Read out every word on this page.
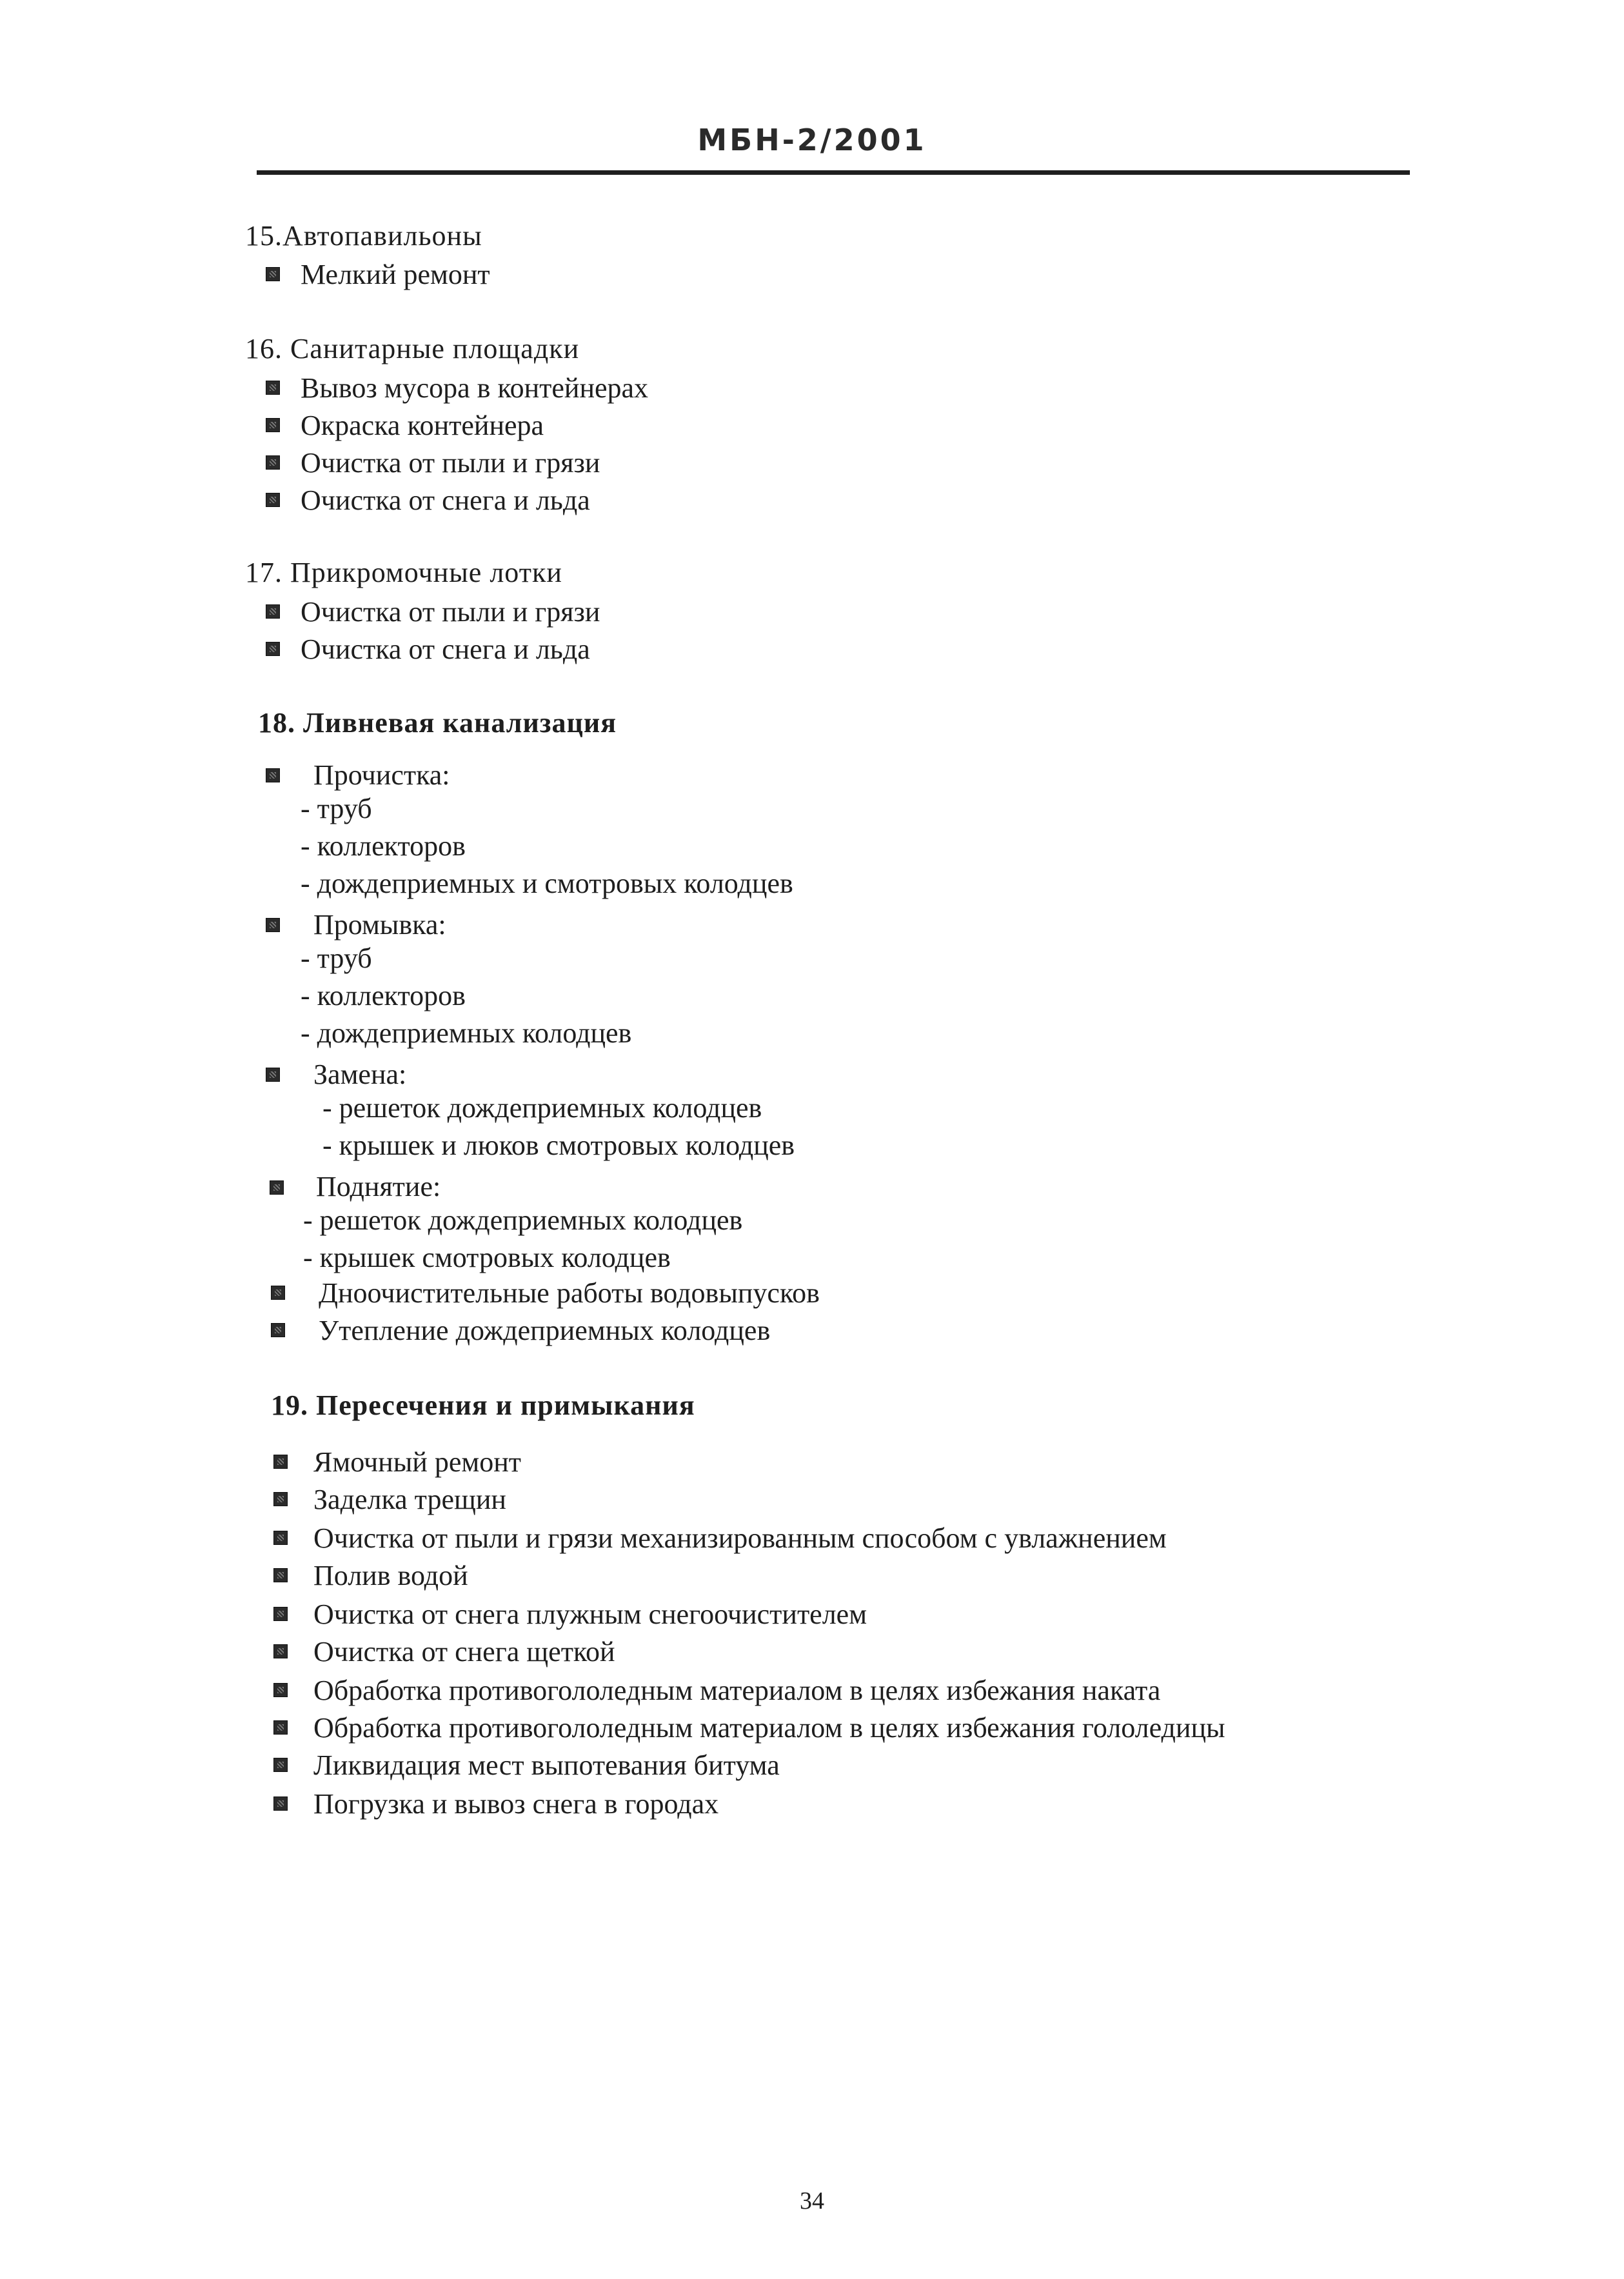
МБН-2/2001
15.Автопавильоны
Мелкий ремонт
16. Санитарные площадки
Вывоз мусора в контейнерах
Окраска контейнера
Очистка от пыли и грязи
Очистка от снега и льда
17. Прикромочные лотки
Очистка от пыли и грязи
Очистка от снега и льда
18. Ливневая канализация
Прочистка:
- труб
- коллекторов
- дождеприемных и смотровых колодцев
Промывка:
- труб
- коллекторов
- дождеприемных колодцев
Замена:
- решеток дождеприемных колодцев
- крышек и люков смотровых колодцев
Поднятие:
- решеток дождеприемных колодцев
- крышек смотровых колодцев
Дноочистительные работы водовыпусков
Утепление дождеприемных колодцев
19. Пересечения и примыкания
Ямочный ремонт
Заделка трещин
Очистка от пыли и грязи механизированным способом с увлажнением
Полив водой
Очистка от снега плужным снегоочистителем
Очистка от снега щеткой
Обработка противогололедным материалом в целях избежания наката
Обработка противогололедным материалом в целях избежания гололедицы
Ликвидация мест выпотевания битума
Погрузка и вывоз снега в городах
34
